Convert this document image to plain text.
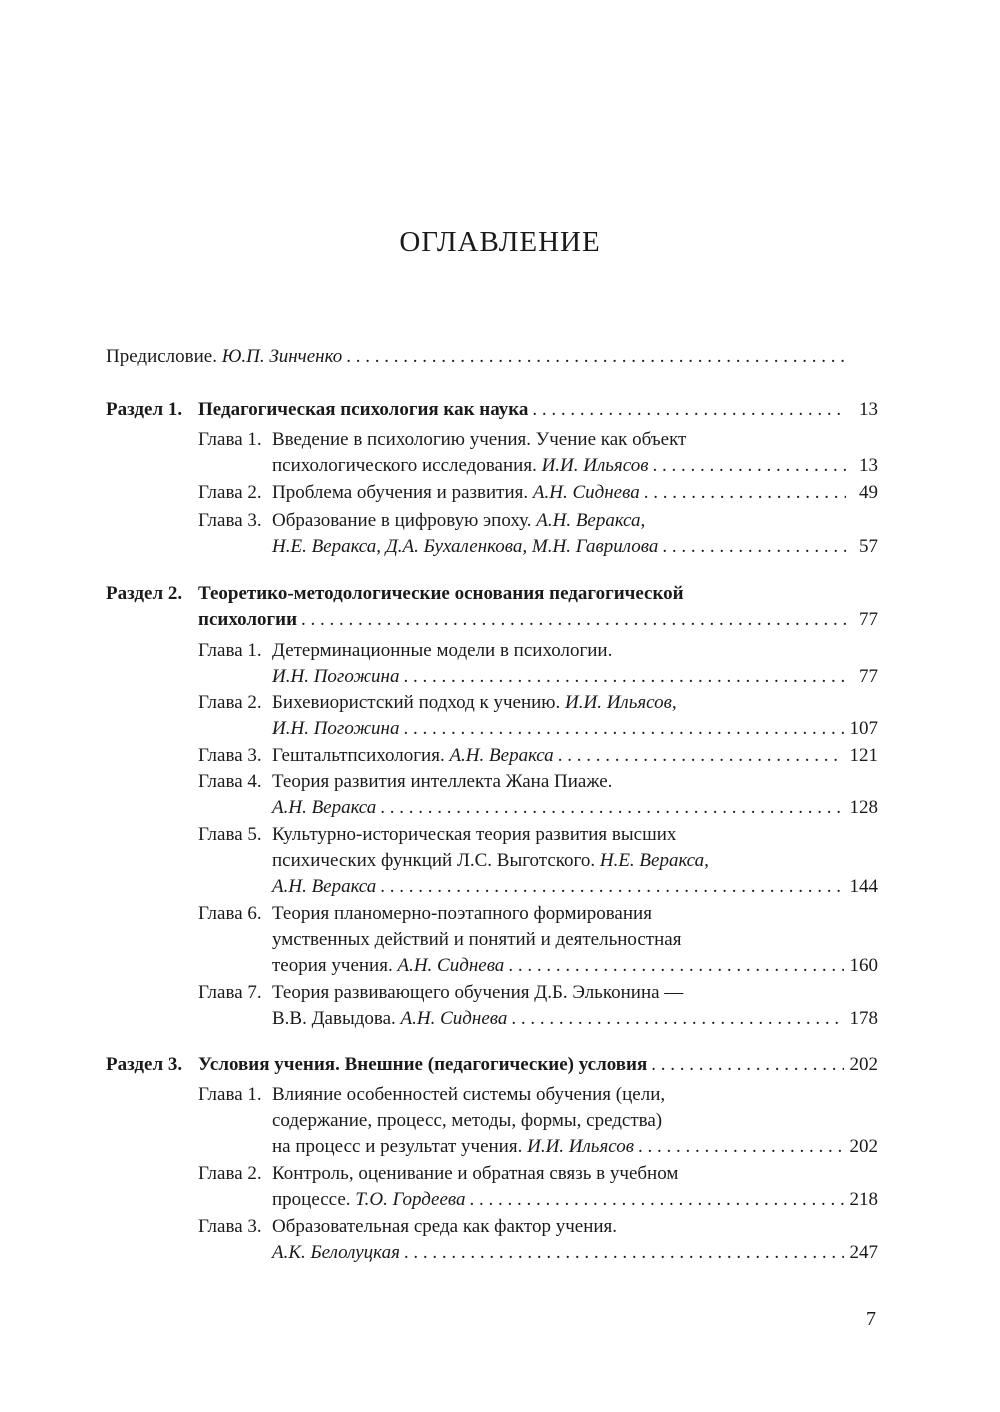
ОГЛАВЛЕНИЕ
Предисловие. Ю.П. Зинченко
. . .
Раздел 1. Педагогическая психология как наука . . .	13
Глава 1. Введение в психологию учения. Учение как объект
психологического исследования. И.И. Ильясов . . .	13
Глава 2. Проблема обучения и развития. А.Н. Сиднева . . .	49
Глава 3. Образование в цифровую эпоху. А.Н. Веракса,
Н.Е. Веракса, Д.А. Бухаленкова, М.Н. Гаврилова . . .	57
Раздел 2. Теоретико-методологические основания педагогической
психологии . . .	77
Глава 1. Детерминационные модели в психологии.
И.Н. Погожина . . .	77
Глава 2. Бихевиористский подход к учению. И.И. Ильясов,
И.Н. Погожина . . .	107
Глава 3. Гештальтпсихология. А.Н. Веракса . . .	121
Глава 4. Теория развития интеллекта Жана Пиаже.
А.Н. Веракса . . .	128
Глава 5. Культурно-историческая теория развития высших
психических функций Л.С. Выготского. Н.Е. Веракса,
А.Н. Веракса . . .	144
Глава 6. Теория планомерно-поэтапного формирования
умственных действий и понятий и деятельностная
теория учения. А.Н. Сиднева . . .	160
Глава 7. Теория развивающего обучения Д.Б. Эльконина —
В.В. Давыдова. А.Н. Сиднева . . .	178
Раздел 3. Условия учения. Внешние (педагогические) условия . . .	202
Глава 1. Влияние особенностей системы обучения (цели,
содержание, процесс, методы, формы, средства)
на процесс и результат учения. И.И. Ильясов . . .	202
Глава 2. Контроль, оценивание и обратная связь в учебном
процессе. Т.О. Гордеева . . .	218
Глава 3. Образовательная среда как фактор учения.
А.К. Белолуцкая . . .	247
7
